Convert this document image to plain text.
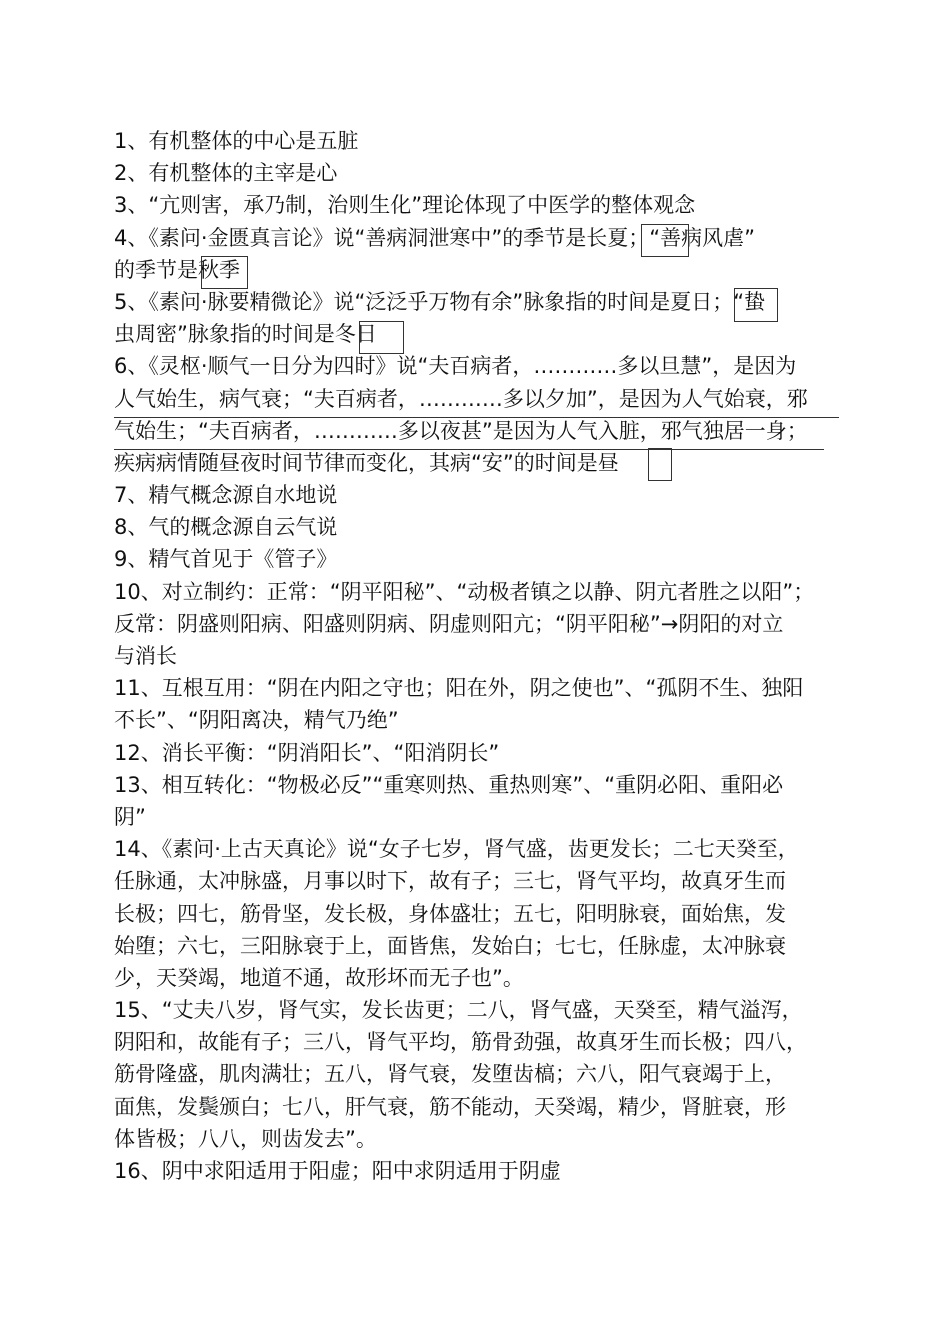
1、有机整体的中心是五脏
2、有机整体的主宰是心
3、“亢则害，承乃制，治则生化”理论体现了中医学的整体观念
4、《素问·金匮真言论》说“善病洞泄寒中”的季节是长夏；“善病风虐”
的季节是秋季
5、《素问·脉要精微论》说“泛泛乎万物有余”脉象指的时间是夏日；“蛰
虫周密”脉象指的时间是冬日
6、《灵枢·顺气一日分为四时》说“夫百病者，…………多以旦慧”，是因为
人气始生，病气衰；“夫百病者，…………多以夕加”，是因为人气始衰，邪
气始生；“夫百病者，…………多以夜甚”是因为人气入脏，邪气独居一身；
疾病病情随昼夜时间节律而变化，其病“安”的时间是昼
7、精气概念源自水地说
8、气的概念源自云气说
9、精气首见于《管子》
10、对立制约：正常：“阴平阳秘”、“动极者镇之以静、阴亢者胜之以阳”；
反常：阴盛则阳病、阳盛则阴病、阴虚则阳亢；“阴平阳秘”→阴阳的对立
与消长
11、互根互用：“阴在内阳之守也；阳在外，阴之使也”、“孤阴不生、独阳
不长”、“阴阳离决，精气乃绝”
12、消长平衡：“阴消阳长”、“阳消阴长”
13、相互转化：“物极必反”“重寒则热、重热则寒”、“重阴必阳、重阳必
阴”
14、《素问·上古天真论》说“女子七岁，肾气盛，齿更发长；二七天癸至，
任脉通，太冲脉盛，月事以时下，故有子；三七，肾气平均，故真牙生而
长极；四七，筋骨坚，发长极，身体盛壮；五七，阳明脉衰，面始焦，发
始堕；六七，三阳脉衰于上，面皆焦，发始白；七七，任脉虚，太冲脉衰
少，天癸竭，地道不通，故形坏而无子也”。
15、“丈夫八岁，肾气实，发长齿更；二八，肾气盛，天癸至，精气溢泻，
阴阳和，故能有子；三八，肾气平均，筋骨劲强，故真牙生而长极；四八，
筋骨隆盛，肌肉满壮；五八，肾气衰，发堕齿槁；六八，阳气衰竭于上，
面焦，发鬓颁白；七八，肝气衰，筋不能动，天癸竭，精少，肾脏衰，形
体皆极；八八，则齿发去”。
16、阴中求阳适用于阳虚；阳中求阴适用于阴虚
